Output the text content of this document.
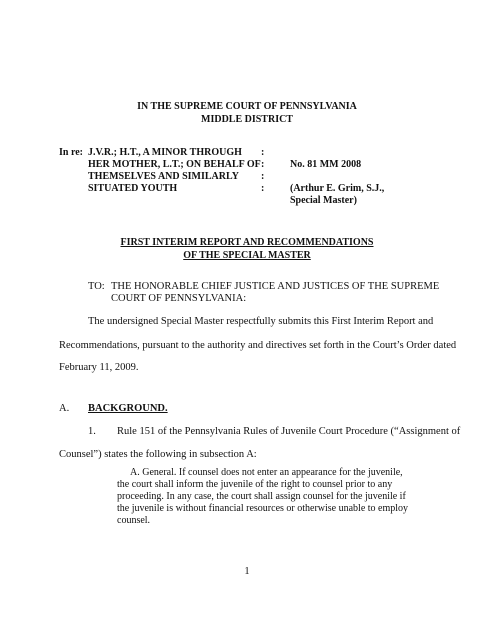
IN THE SUPREME COURT OF PENNSYLVANIA
MIDDLE DISTRICT
In re: J.V.R.; H.T., A MINOR THROUGH
HER MOTHER, L.T.; ON BEHALF OF
THEMSELVES AND SIMILARLY
SITUATED YOUTH
:
:
:
:
No. 81 MM 2008
(Arthur E. Grim, S.J.,
Special Master)
FIRST INTERIM REPORT AND RECOMMENDATIONS
OF THE SPECIAL MASTER
TO: THE HONORABLE CHIEF JUSTICE AND JUSTICES OF THE SUPREME
COURT OF PENNSYLVANIA:
The undersigned Special Master respectfully submits this First Interim Report and
Recommendations, pursuant to the authority and directives set forth in the Court’s Order dated
February 11, 2009.
A. BACKGROUND.
1. Rule 151 of the Pennsylvania Rules of Juvenile Court Procedure (“Assignment of
Counsel”) states the following in subsection A:
A. General. If counsel does not enter an appearance for the juvenile,
the court shall inform the juvenile of the right to counsel prior to any
proceeding. In any case, the court shall assign counsel for the juvenile if
the juvenile is without financial resources or otherwise unable to employ
counsel.
1
